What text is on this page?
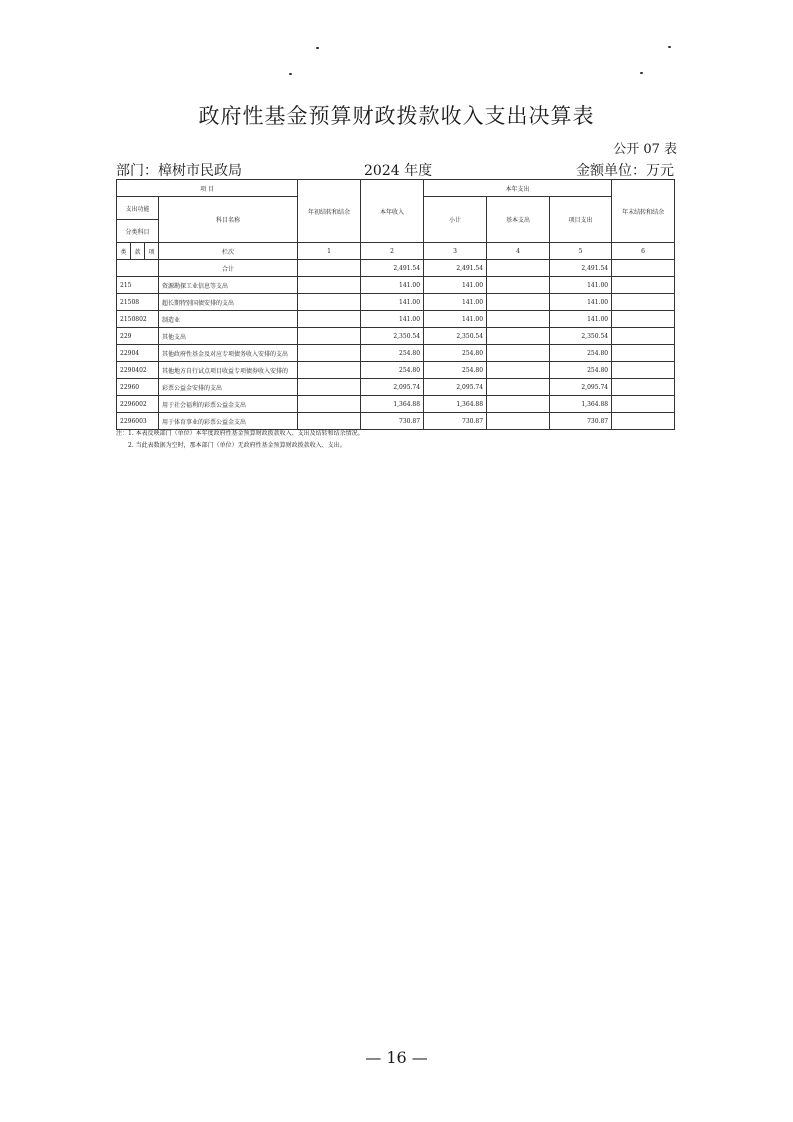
政府性基金预算财政拨款收入支出决算表
公开 07 表
部门：樟树市民政局	2024 年度	金额单位：万元
项 目				年初结转和结余	本年收入	本年支出			年末结转和结余
支出功能			科目名称			小计	基本支出	项目支出	
分类科目									
类	款	项							
			栏次	1	2	3	4	5	6
			合计		2,491.54	2,491.54		2,491.54	
215			资源勘探工业信息等支出		141.00	141.00		141.00	
21508			超长期特别国债安排的支出		141.00	141.00		141.00	
2150802			制造业		141.00	141.00		141.00	
229			其他支出		2,350.54	2,350.54		2,350.54	
22904			其他政府性基金及对应专项债务收入安排的支出		254.80	254.80		254.80	
2290402			其他地方自行试点项目收益专项债券收入安排的		254.80	254.80		254.80	
22960			彩票公益金安排的支出		2,095.74	2,095.74		2,095.74	
2296002			用于社会福利的彩票公益金支出		1,364.88	1,364.88		1,364.88	
2296003			用于体育事业的彩票公益金支出		730.87	730.87		730.87	
注：1. 本表反映部门（单位）本年度政府性基金预算财政拨款收入、支出及结转和结余情况。
2. 当此表数据为空时，那本部门（单位）无政府性基金预算财政拨款收入、支出。
— 16 —
